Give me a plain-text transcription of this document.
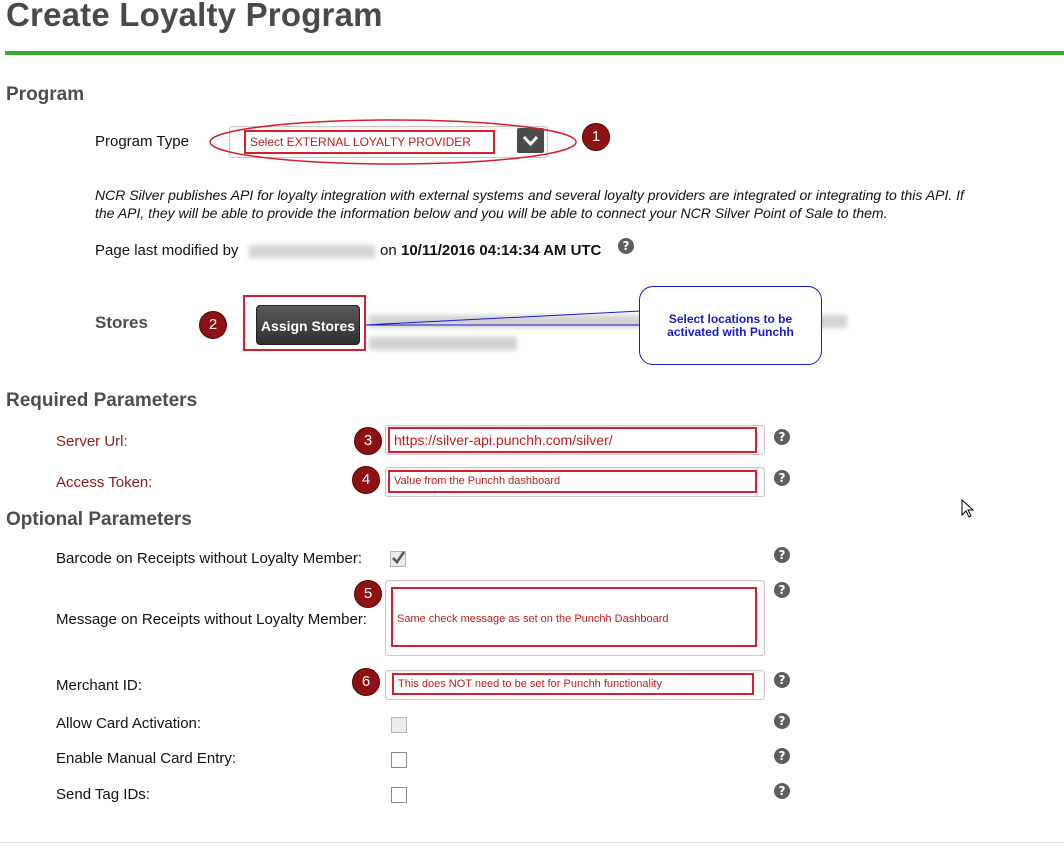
Create Loyalty Program
Program
Program Type	Select EXTERNAL LOYALTY PROVIDER	1
NCR Silver publishes API for loyalty integration with external systems and several loyalty providers are integrated or integrating to this API. If
the API, they will be able to provide the information below and you will be able to connect your NCR Silver Point of Sale to them.
Page last modified by	on 10/11/2016 04:14:34 AM UTC	?
Stores	2	Assign Stores	Select locations to be activated with Punchh
Required Parameters
Server Url:	https://silver-api.punchh.com/silver/
3	?
Access Token:	Value from the Punchh dashboard
4	?
Optional Parameters
Barcode on Receipts without Loyalty Member:	?
Message on Receipts without Loyalty Member:	Same check message as set on the Punchh Dashboard
5	?
Merchant ID:	This does NOT need to be set for Punchh functionality
6	?
Allow Card Activation:	?
Enable Manual Card Entry:	?
Send Tag IDs:	?
